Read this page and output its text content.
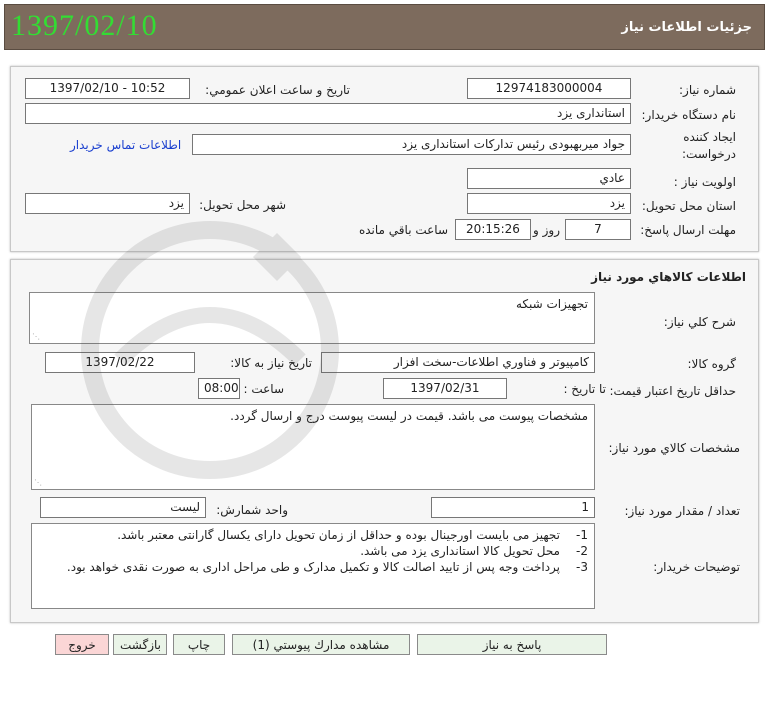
1397/02/10	جزئیات اطلاعات نیاز
شماره نیاز:
12974183000004
تاريخ و ساعت اعلان عمومي:
1397/02/10 - 10:52
نام دستگاه خريدار:
استانداری یزد
ايجاد كننده
درخواست:
جواد میربهبودی رئیس تدارکات استانداری یزد
اطلاعات تماس خريدار
اولويت نياز :
عادي
استان محل تحويل:
یزد
شهر محل تحويل:
یزد
مهلت ارسال پاسخ:
7
روز و
20:15:26
ساعت باقي مانده
اطلاعات كالاهاي مورد نياز
شرح كلي نياز:
تجهیزات شبکه
⋰
گروه كالا:
كامپيوتر و فناوري اطلاعات-سخت افزار
تاريخ نياز به كالا:
1397/02/22
حداقل تاريخ اعتبار قيمت:
تا تاريخ :
1397/02/31
ساعت :
08:00
مشخصات كالاي مورد نياز:
مشخصات پیوست می باشد. قیمت در لیست پیوست درج و ارسال گردد.
⋰
تعداد / مقدار مورد نياز:
1
واحد شمارش:
لیست
توضيحات خريدار:
1-
تجهیز می بایست اورجینال بوده و حداقل از زمان تحویل دارای یکسال گارانتی معتبر باشد.
2-
محل تحویل کالا استانداری یزد می باشد.
3-
پرداخت وجه پس از تایید اصالت کالا و تکمیل مدارک و طی مراحل اداری به صورت نقدی خواهد بود.
پاسخ به نياز
مشاهده مدارك پيوستي (1)
چاپ
بازگشت
خروج
